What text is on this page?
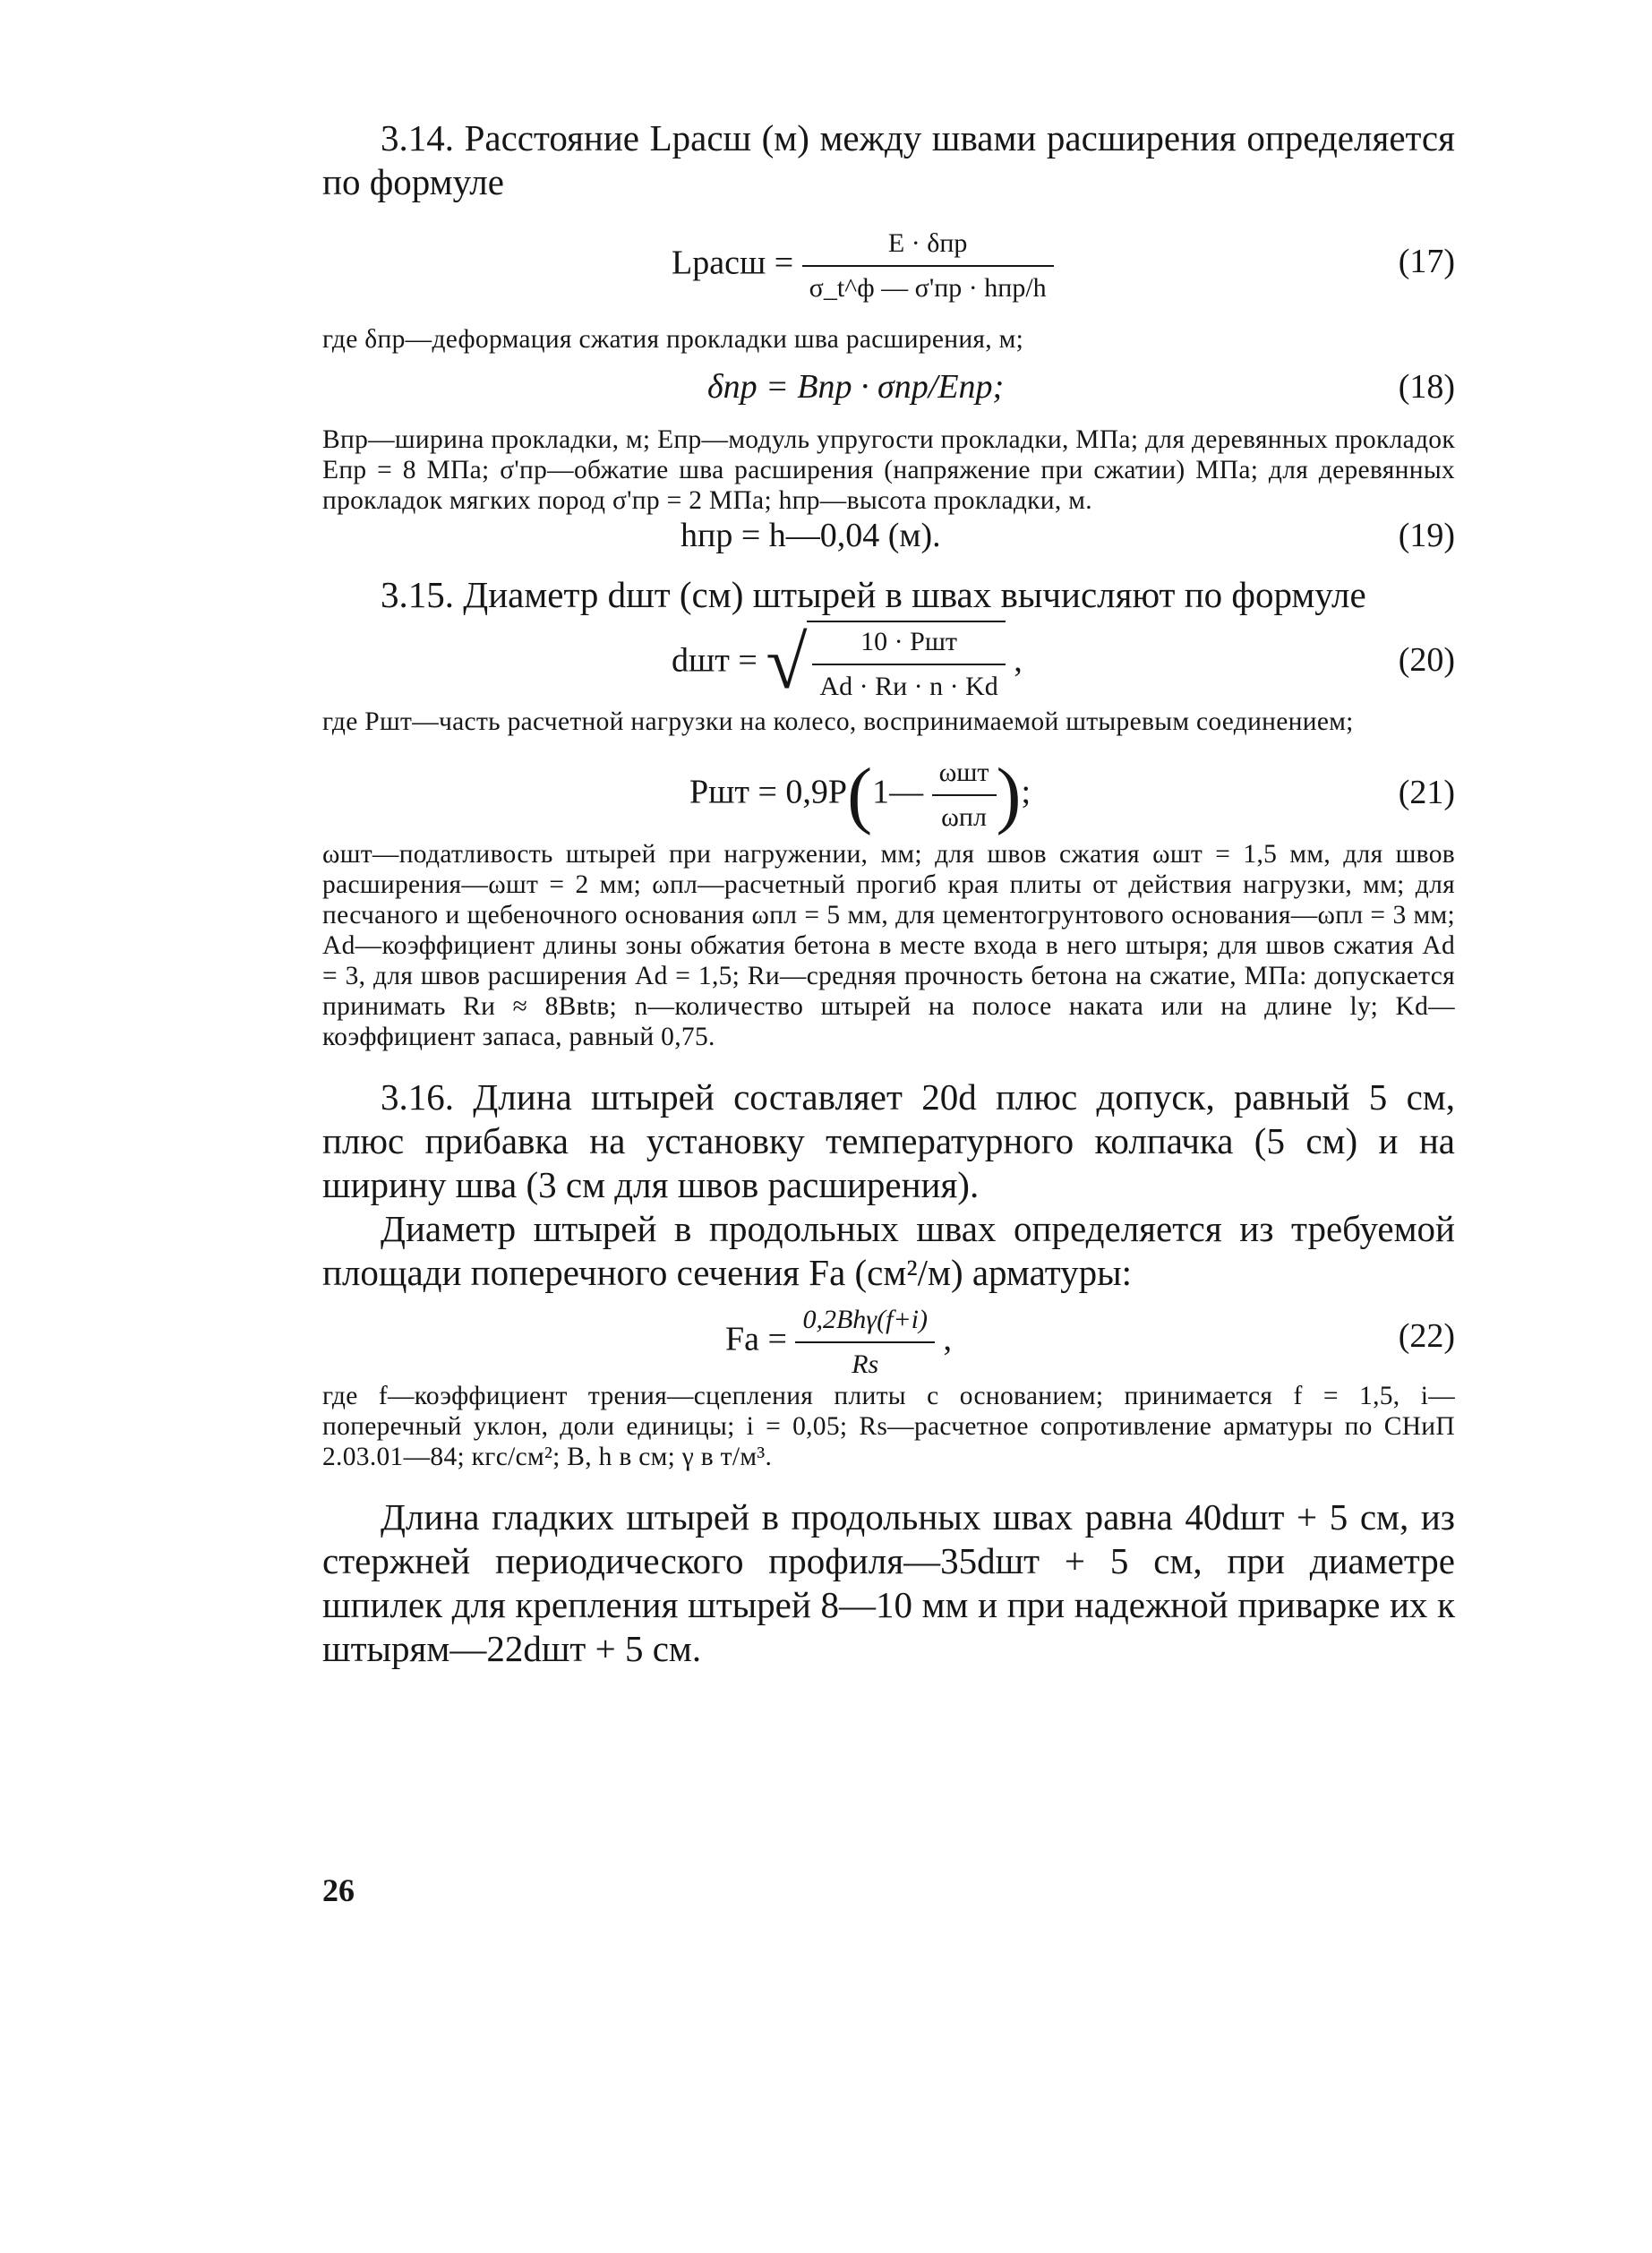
3.14. Расстояние Lрасш (м) между швами расширения определяется по формуле

Lрасш = $\frac{\text{E · δпр}}{\text{σ\_t\textasciicircum{}ф — σ'пр · hпр/h}}$	(17)

где δпр—деформация сжатия прокладки шва расширения, м;

δпр = Bпр · σпр/Eпр;	(18)

Bпр—ширина прокладки, м; Eпр—модуль упругости прокладки, МПа; для деревянных прокладок Eпр = 8 МПа; σ'пр—обжатие шва расширения (напряжение при сжатии) МПа; для деревянных прокладок мягких пород σ'пр = 2 МПа; hпр—высота прокладки, м.

hпр = h—0,04 (м).	(19)

3.15. Диаметр dшт (см) штырей в швах вычисляют по формуле

dшт = √ $\frac{\text{10 · Pшт}}{Ad \cdot Rи \cdot n \cdot Kd}$ ,	(20)

где Pшт—часть расчетной нагрузки на колесо, воспринимаемой штыревым соединением;

Pшт = 0,9P(1— $\frac{\text{ωшт}}{\text{ωпл}}$ );	(21)

ωшт—податливость штырей при нагружении, мм; для швов сжатия ωшт = 1,5 мм, для швов расширения—ωшт = 2 мм; ωпл—расчетный прогиб края плиты от действия нагрузки, мм; для песчаного и щебеночного основания ωпл = 5 мм, для цементогрунтового основания—ωпл = 3 мм; Ad—коэффициент длины зоны обжатия бетона в месте входа в него штыря; для швов сжатия Ad = 3, для швов расширения Ad = 1,5; Rи—средняя прочность бетона на сжатие, МПа: допускается принимать Rи ≈ 8Bвtв; n—количество штырей на полосе наката или на длине lу; Kd—коэффициент запаса, равный 0,75.

3.16. Длина штырей составляет 20d плюс допуск, равный 5 см, плюс прибавка на установку температурного колпачка (5 см) и на ширину шва (3 см для швов расширения).

Диаметр штырей в продольных швах определяется из требуемой площади поперечного сечения Fа (см²/м) арматуры:

Fа = $\frac{\text{0,2Bhγ(f+i)}}{Rs}$ ,	(22)

где f—коэффициент трения—сцепления плиты с основанием; принимается f = 1,5, i—поперечный уклон, доли единицы; i = 0,05; Rs—расчетное сопротивление арматуры по СНиП 2.03.01—84; кгс/см²; B, h в см; γ в т/м³.

Длина гладких штырей в продольных швах равна 40dшт + 5 см, из стержней периодического профиля—35dшт + 5 см, при диаметре шпилек для крепления штырей 8—10 мм и при надежной приварке их к штырям—22dшт + 5 см.

26
